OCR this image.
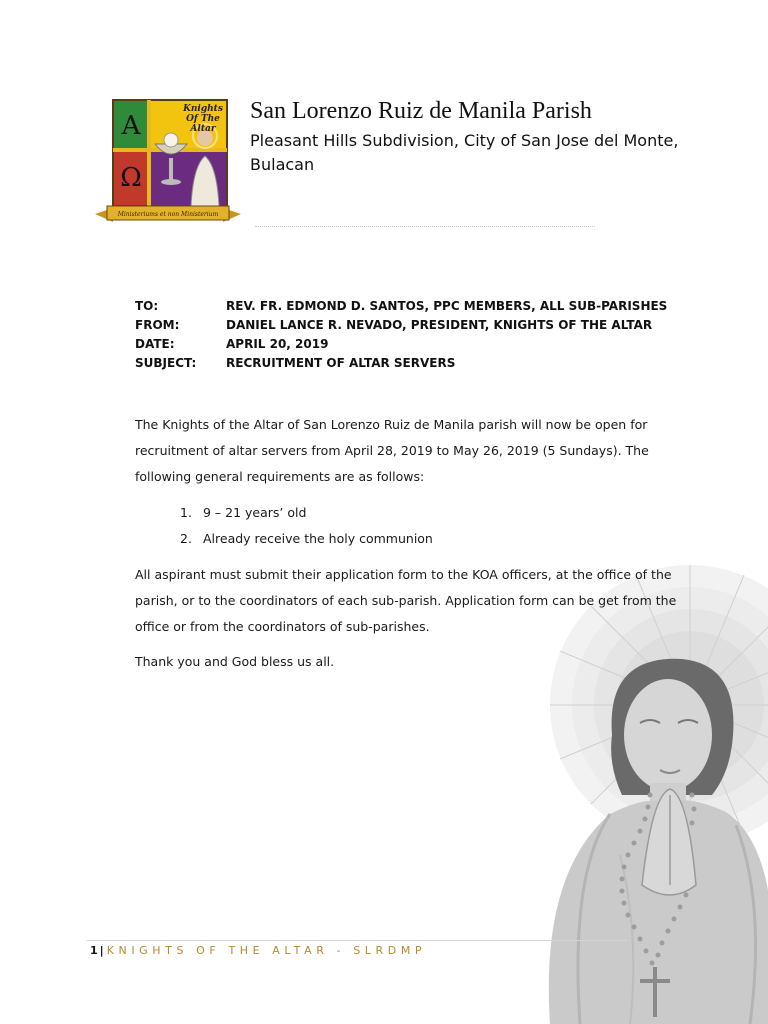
Knights
Of The
Altar
A
Ω
Ministeriums et non Ministerium
San Lorenzo Ruiz de Manila Parish
Pleasant Hills Subdivision, City of San Jose del Monte, Bulacan
TO:	REV. FR. EDMOND D. SANTOS, PPC MEMBERS, ALL SUB-PARISHES
FROM:	DANIEL LANCE R. NEVADO, PRESIDENT, KNIGHTS OF THE ALTAR
DATE:	APRIL 20, 2019
SUBJECT:	RECRUITMENT OF ALTAR SERVERS
The Knights of the Altar of San Lorenzo Ruiz de Manila parish will now be open for recruitment of altar servers from April 28, 2019 to May 26, 2019 (5 Sundays). The following general requirements are as follows:
1. 9 – 21 years’ old
2. Already receive the holy communion
All aspirant must submit their application form to the KOA officers, at the office of the parish, or to the coordinators of each sub-parish. Application form can be get from the office or from the coordinators of sub-parishes.
Thank you and God bless us all.
1 | KNIGHTS OF THE ALTAR - SLRDMP
